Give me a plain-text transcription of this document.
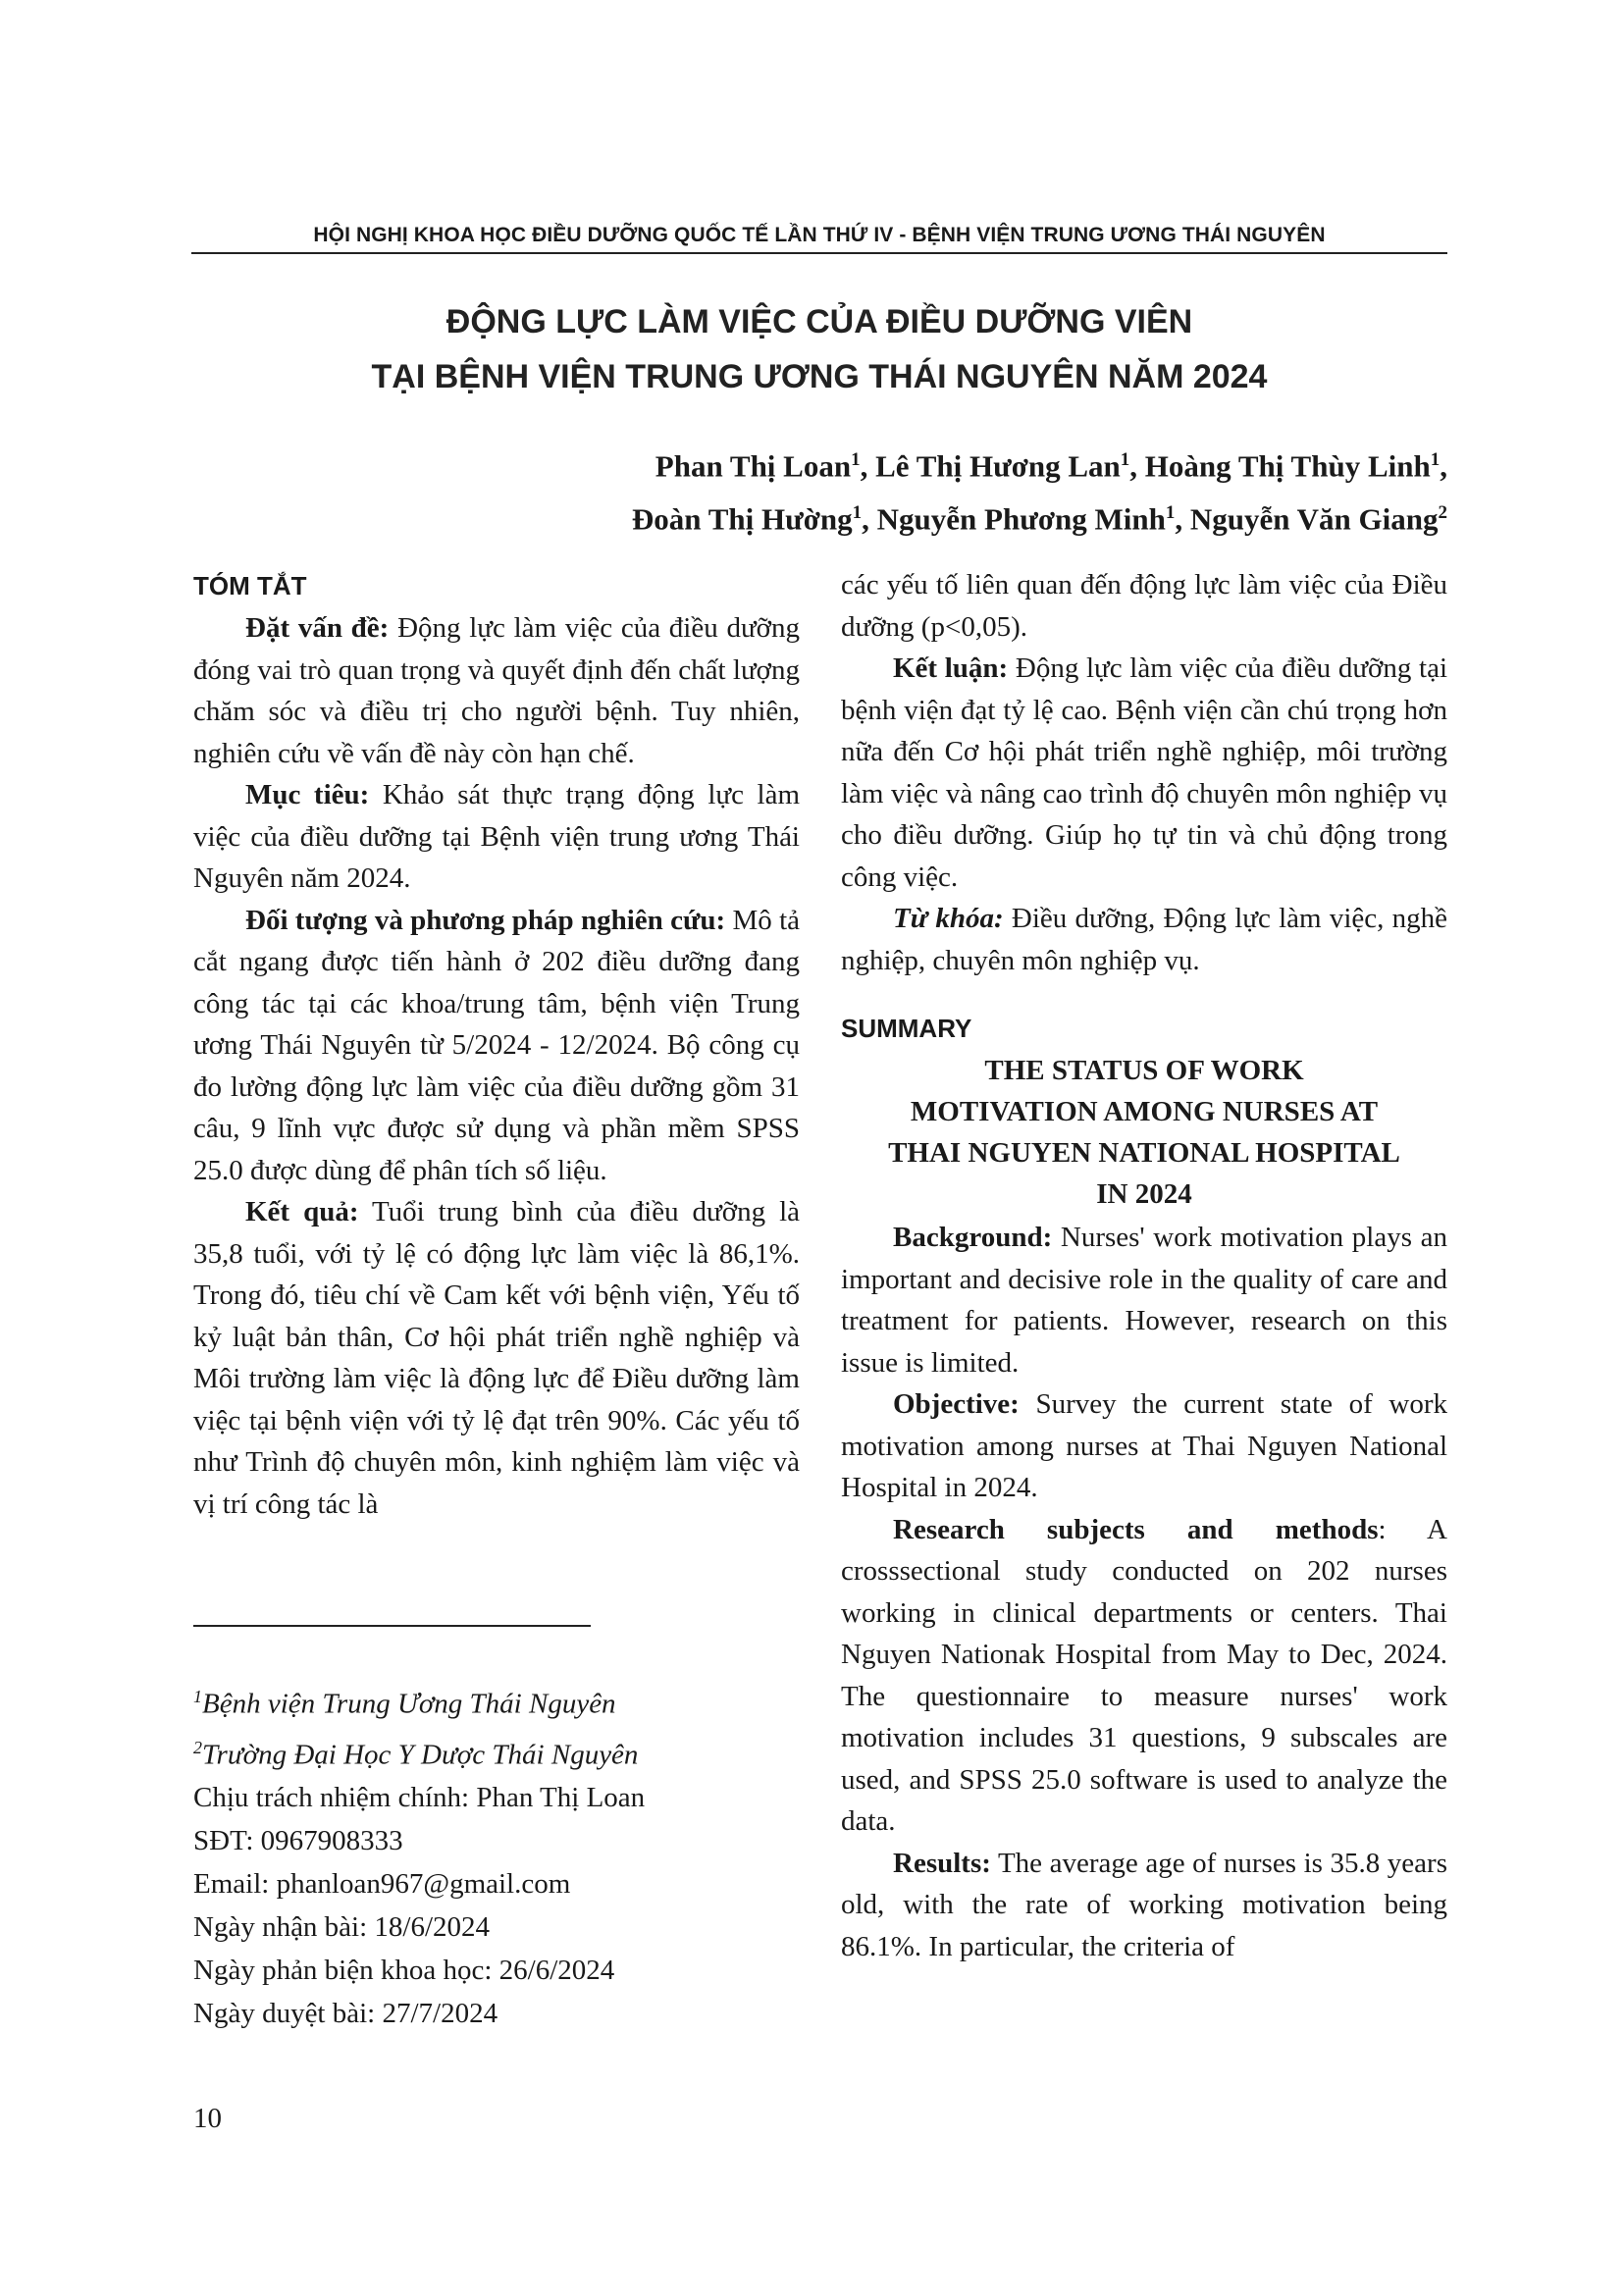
HỘI NGHỊ KHOA HỌC ĐIỀU DƯỠNG QUỐC TẾ LẦN THỨ IV - BỆNH VIỆN TRUNG ƯƠNG THÁI NGUYÊN
ĐỘNG LỰC LÀM VIỆC CỦA ĐIỀU DƯỠNG VIÊN
TẠI BỆNH VIỆN TRUNG ƯƠNG THÁI NGUYÊN NĂM 2024
Phan Thị Loan$^1$, Lê Thị Hương Lan$^1$, Hoàng Thị Thùy Linh$^1$,
Đoàn Thị Hường$^1$, Nguyễn Phương Minh$^1$, Nguyễn Văn Giang$^2$
TÓM TẮT

Đặt vấn đề: Động lực làm việc của điều dưỡng đóng vai trò quan trọng và quyết định đến chất lượng chăm sóc và điều trị cho người bệnh. Tuy nhiên, nghiên cứu về vấn đề này còn hạn chế.

Mục tiêu: Khảo sát thực trạng động lực làm việc của điều dưỡng tại Bệnh viện trung ương Thái Nguyên năm 2024.

Đối tượng và phương pháp nghiên cứu: Mô tả cắt ngang được tiến hành ở 202 điều dưỡng đang công tác tại các khoa/trung tâm, bệnh viện Trung ương Thái Nguyên từ 5/2024 - 12/2024. Bộ công cụ đo lường động lực làm việc của điều dưỡng gồm 31 câu, 9 lĩnh vực được sử dụng và phần mềm SPSS 25.0 được dùng để phân tích số liệu.

Kết quả: Tuổi trung bình của điều dưỡng là 35,8 tuổi, với tỷ lệ có động lực làm việc là 86,1%. Trong đó, tiêu chí về Cam kết với bệnh viện, Yếu tố kỷ luật bản thân, Cơ hội phát triển nghề nghiệp và Môi trường làm việc là động lực để Điều dưỡng làm việc tại bệnh viện với tỷ lệ đạt trên 90%. Các yếu tố như Trình độ chuyên môn, kinh nghiệm làm việc và vị trí công tác là

$^1$Bệnh viện Trung Ương Thái Nguyên
$^2$Trường Đại Học Y Dược Thái Nguyên
Chịu trách nhiệm chính: Phan Thị Loan
SĐT: 0967908333
Email: phanloan967@gmail.com
Ngày nhận bài: 18/6/2024
Ngày phản biện khoa học: 26/6/2024
Ngày duyệt bài: 27/7/2024

các yếu tố liên quan đến động lực làm việc của Điều dưỡng (p<0,05).

Kết luận: Động lực làm việc của điều dưỡng tại bệnh viện đạt tỷ lệ cao. Bệnh viện cần chú trọng hơn nữa đến Cơ hội phát triển nghề nghiệp, môi trường làm việc và nâng cao trình độ chuyên môn nghiệp vụ cho điều dưỡng. Giúp họ tự tin và chủ động trong công việc.

Từ khóa: Điều dưỡng, Động lực làm việc, nghề nghiệp, chuyên môn nghiệp vụ.

SUMMARY
THE STATUS OF WORK
MOTIVATION AMONG NURSES AT
THAI NGUYEN NATIONAL HOSPITAL
IN 2024

Background: Nurses' work motivation plays an important and decisive role in the quality of care and treatment for patients. However, research on this issue is limited.

Objective: Survey the current state of work motivation among nurses at Thai Nguyen National Hospital in 2024.

Research subjects and methods: A crosssectional study conducted on 202 nurses working in clinical departments or centers. Thai Nguyen Nationak Hospital from May to Dec, 2024. The questionnaire to measure nurses' work motivation includes 31 questions, 9 subscales are used, and SPSS 25.0 software is used to analyze the data.

Results: The average age of nurses is 35.8 years old, with the rate of working motivation being 86.1%. In particular, the criteria of

10
